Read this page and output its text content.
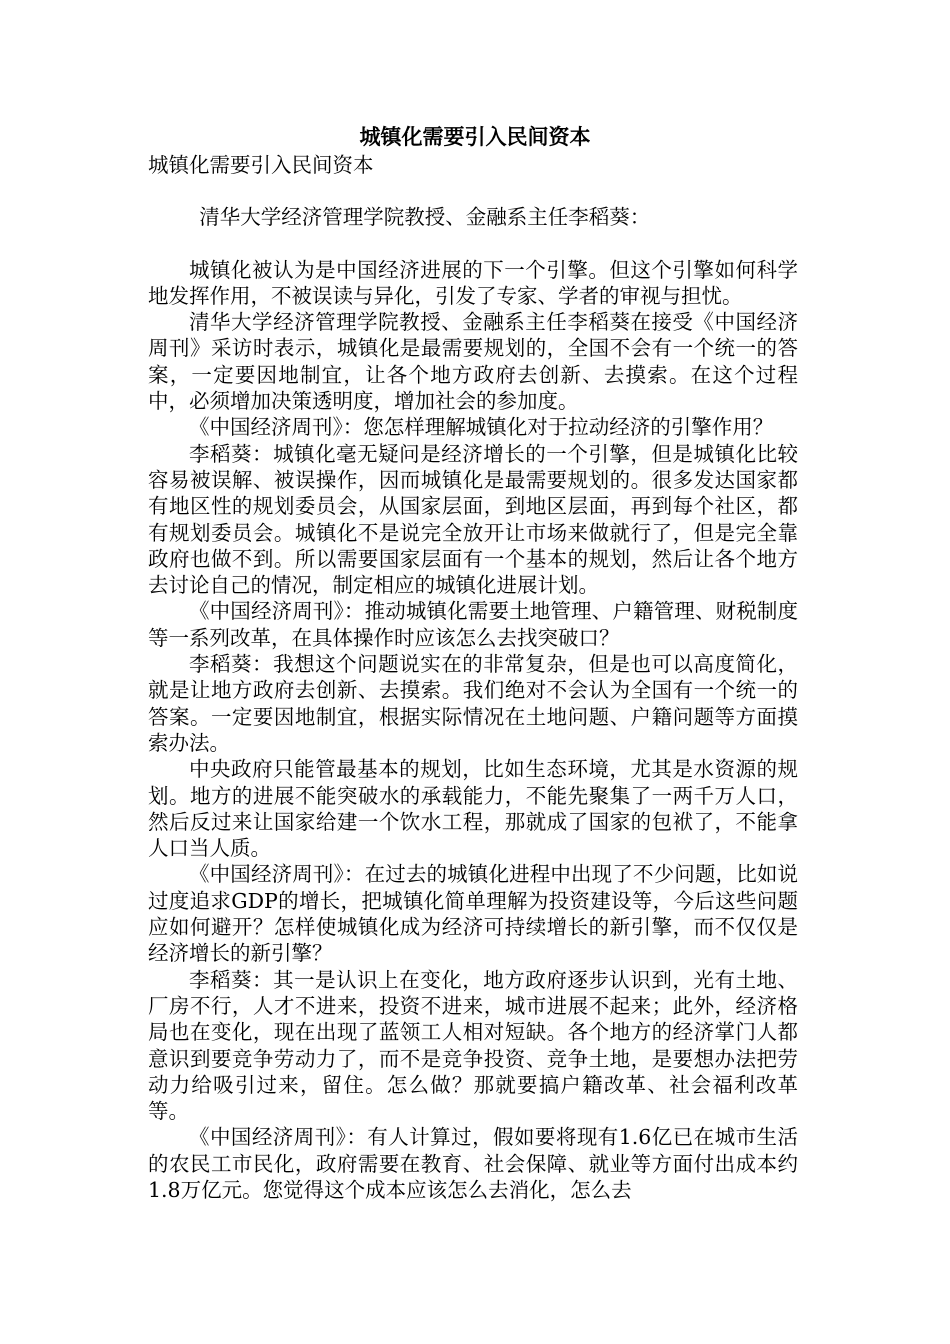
城镇化需要引入民间资本

城镇化需要引入民间资本

清华大学经济管理学院教授、金融系主任李稻葵：

城镇化被认为是中国经济进展的下一个引擎。但这个引擎如何科学地发挥作用，不被误读与异化，引发了专家、学者的审视与担忧。

清华大学经济管理学院教授、金融系主任李稻葵在接受《中国经济周刊》采访时表示，城镇化是最需要规划的，全国不会有一个统一的答案，一定要因地制宜，让各个地方政府去创新、去摸索。在这个过程中，必须增加决策透明度，增加社会的参加度。

《中国经济周刊》：您怎样理解城镇化对于拉动经济的引擎作用？

李稻葵：城镇化毫无疑问是经济增长的一个引擎，但是城镇化比较容易被误解、被误操作，因而城镇化是最需要规划的。很多发达国家都有地区性的规划委员会，从国家层面，到地区层面，再到每个社区，都有规划委员会。城镇化不是说完全放开让市场来做就行了，但是完全靠政府也做不到。所以需要国家层面有一个基本的规划，然后让各个地方去讨论自己的情况，制定相应的城镇化进展计划。

《中国经济周刊》：推动城镇化需要土地管理、户籍管理、财税制度等一系列改革，在具体操作时应该怎么去找突破口？

李稻葵：我想这个问题说实在的非常复杂，但是也可以高度简化，就是让地方政府去创新、去摸索。我们绝对不会认为全国有一个统一的答案。一定要因地制宜，根据实际情况在土地问题、户籍问题等方面摸索办法。

中央政府只能管最基本的规划，比如生态环境，尤其是水资源的规划。地方的进展不能突破水的承载能力，不能先聚集了一两千万人口，然后反过来让国家给建一个饮水工程，那就成了国家的包袱了，不能拿人口当人质。

《中国经济周刊》：在过去的城镇化进程中出现了不少问题，比如说过度追求GDP的增长，把城镇化简单理解为投资建设等，今后这些问题应如何避开？怎样使城镇化成为经济可持续增长的新引擎，而不仅仅是经济增长的新引擎？

李稻葵：其一是认识上在变化，地方政府逐步认识到，光有土地、厂房不行，人才不进来，投资不进来，城市进展不起来；此外，经济格局也在变化，现在出现了蓝领工人相对短缺。各个地方的经济掌门人都意识到要竞争劳动力了，而不是竞争投资、竞争土地，是要想办法把劳动力给吸引过来，留住。怎么做？那就要搞户籍改革、社会福利改革等。

《中国经济周刊》：有人计算过，假如要将现有1.6亿已在城市生活的农民工市民化，政府需要在教育、社会保障、就业等方面付出成本约1.8万亿元。您觉得这个成本应该怎么去消化，怎么去
